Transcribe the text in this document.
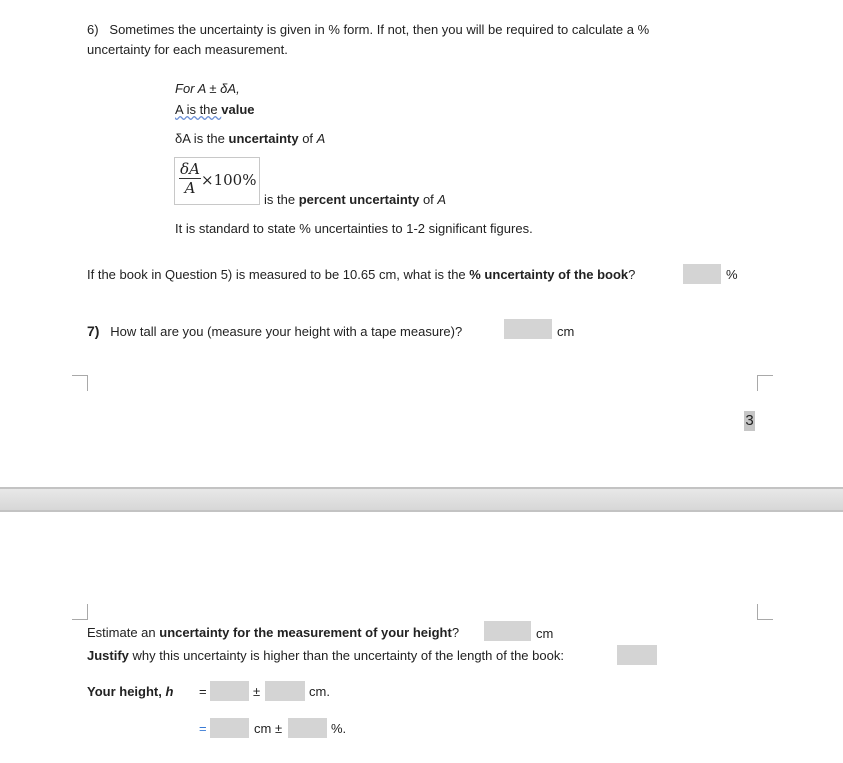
6) Sometimes the uncertainty is given in % form. If not, then you will be required to calculate a %
uncertainty for each measurement.
For A ± δA,
A is the value
δA is the uncertainty of A
$\frac{\delta A}{A} \times 100\%$
is the percent uncertainty of A
It is standard to state % uncertainties to 1-2 significant figures.
If the book in Question 5) is measured to be 10.65 cm, what is the % uncertainty of the book?	%
7) How tall are you (measure your height with a tape measure)?	cm
3
Estimate an uncertainty for the measurement of your height?	cm
Justify why this uncertainty is higher than the uncertainty of the length of the book:
Your height, h =	±	cm.
=	cm ±	%.
